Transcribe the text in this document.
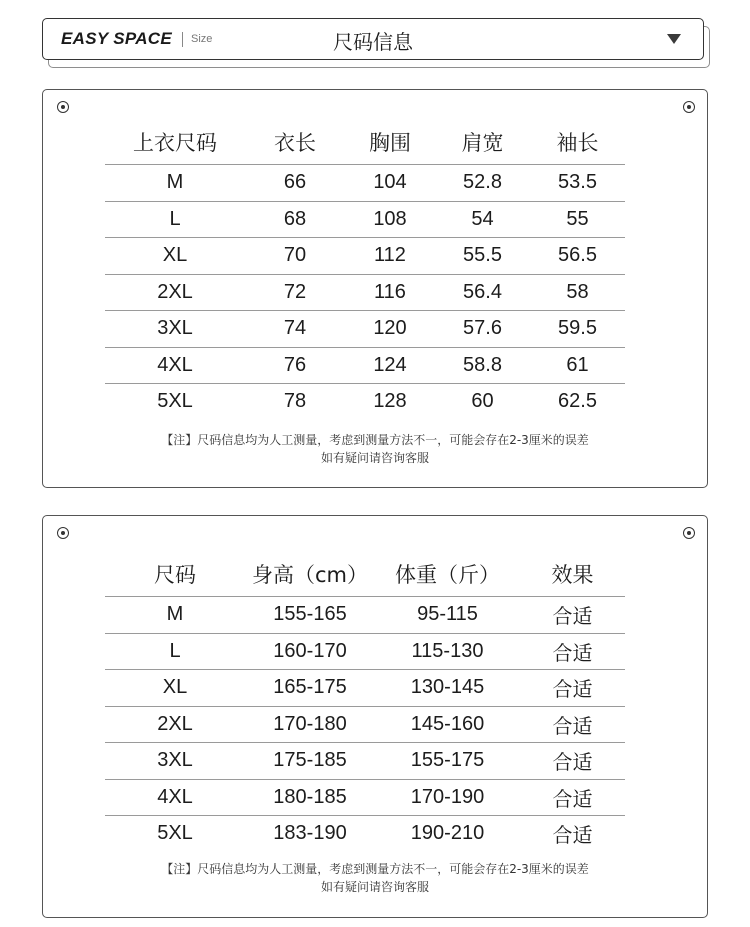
EASY SPACE Size	尺码信息
上衣尺码	衣长	胸围	肩宽	袖长
M	66	104	52.8	53.5
L	68	108	54	55
XL	70	112	55.5	56.5
2XL	72	116	56.4	58
3XL	74	120	57.6	59.5
4XL	76	124	58.8	61
5XL	78	128	60	62.5
【注】尺码信息均为人工测量，考虑到测量方法不一，可能会存在2-3厘米的误差
如有疑问请咨询客服
尺码	身高（cm）	体重（斤）	效果
M	155-165	95-115	合适
L	160-170	115-130	合适
XL	165-175	130-145	合适
2XL	170-180	145-160	合适
3XL	175-185	155-175	合适
4XL	180-185	170-190	合适
5XL	183-190	190-210	合适
【注】尺码信息均为人工测量，考虑到测量方法不一，可能会存在2-3厘米的误差
如有疑问请咨询客服
